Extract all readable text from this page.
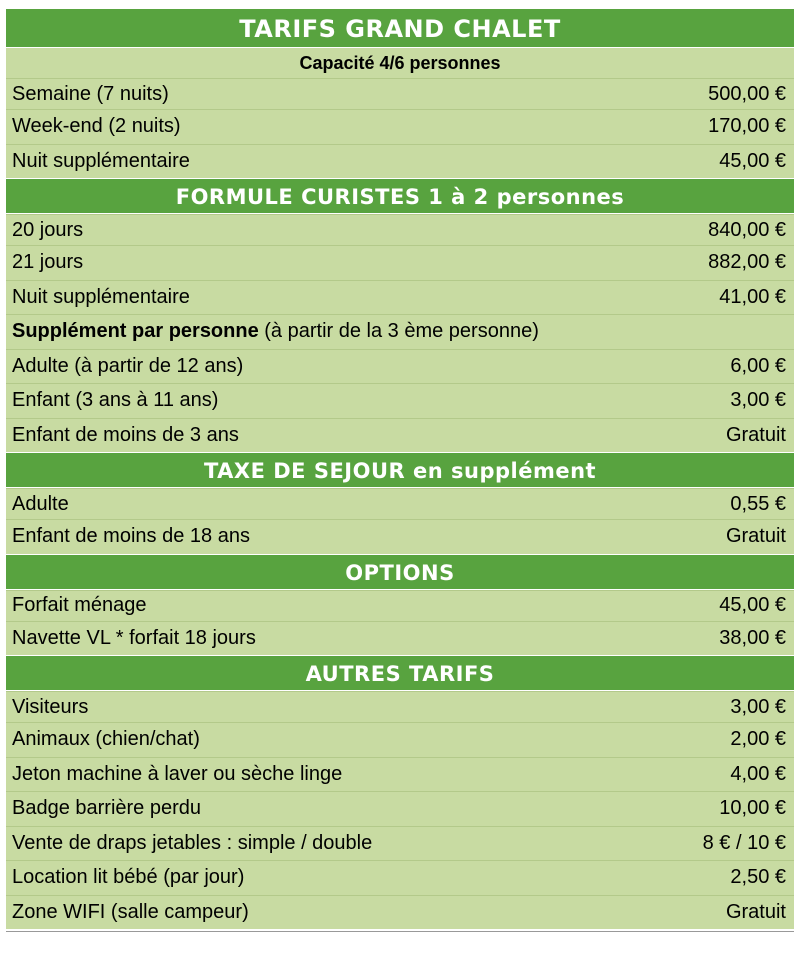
TARIFS GRAND CHALET
Capacité 4/6 personnes
Semaine (7 nuits)	500,00 €
Week-end (2 nuits)	170,00 €
Nuit supplémentaire	45,00 €
FORMULE CURISTES 1 à 2 personnes
20 jours	840,00 €
21 jours	882,00 €
Nuit supplémentaire	41,00 €
Supplément par personne (à partir de la 3 ème personne)
Adulte (à partir de 12 ans)	6,00 €
Enfant (3 ans à 11 ans)	3,00 €
Enfant de moins de 3 ans	Gratuit
TAXE DE SEJOUR en supplément
Adulte	0,55 €
Enfant de moins de 18 ans	Gratuit
OPTIONS
Forfait ménage	45,00 €
Navette VL * forfait 18 jours	38,00 €
AUTRES TARIFS
Visiteurs	3,00 €
Animaux (chien/chat)	2,00 €
Jeton machine à laver ou sèche linge	4,00 €
Badge barrière perdu	10,00 €
Vente de draps jetables : simple / double	8 € / 10 €
Location lit bébé (par jour)	2,50 €
Zone WIFI (salle campeur)	Gratuit
